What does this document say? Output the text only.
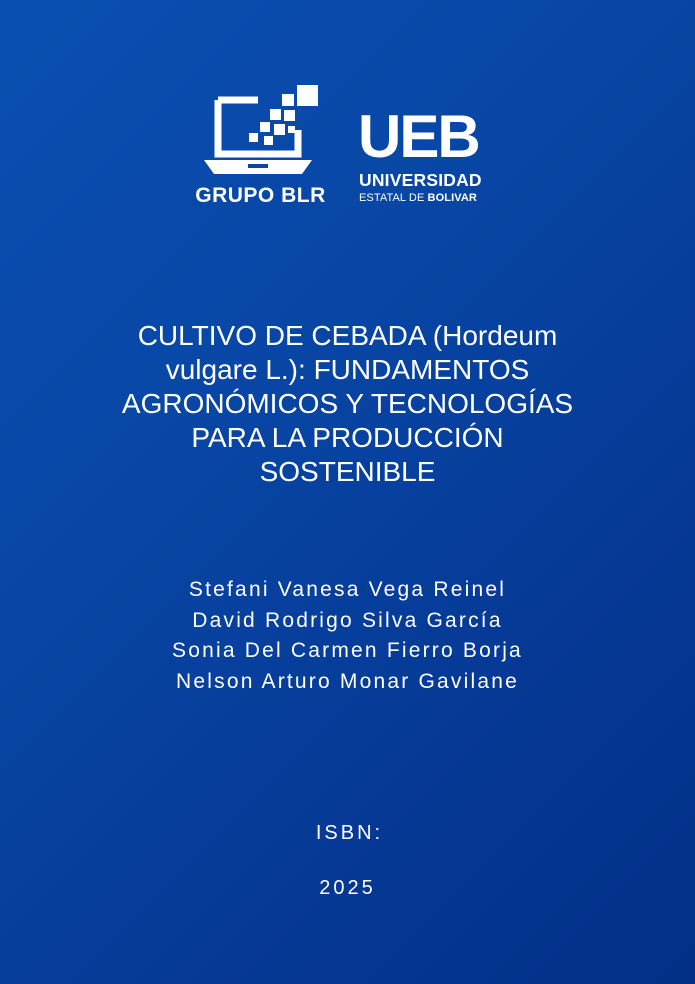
GRUPO BLR
UEB
UNIVERSIDAD
ESTATAL DE BOLIVAR
CULTIVO DE CEBADA (Hordeum
vulgare L.): FUNDAMENTOS
AGRONÓMICOS Y TECNOLOGÍAS
PARA LA PRODUCCIÓN
SOSTENIBLE
Stefani Vanesa Vega Reinel
David Rodrigo Silva García
Sonia Del Carmen Fierro Borja
Nelson Arturo Monar Gavilane
ISBN:
2025
